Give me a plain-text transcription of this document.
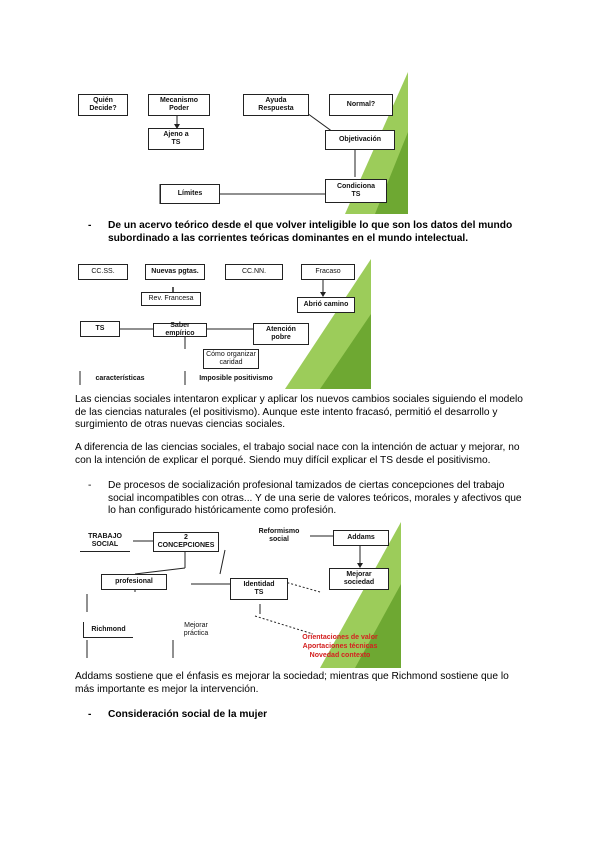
Quién
Decide?
Mecanismo
Poder
Ayuda
Respuesta
Normal?
Ajeno a
TS	Objetivación
Límites
Condiciona
TS
- De un acervo teórico desde el que volver inteligible lo que son los datos del mundo subordinado a las corrientes teóricas dominantes en el mundo intelectual.
CC.SS.	Nuevas pgtas.	CC.NN.	Fracaso
Rev. Francesa
Abrió camino
TS	Saber empírico
Atención
pobre
Cómo organizar
caridad
características	Imposible positivismo
Las ciencias sociales intentaron explicar y aplicar los nuevos cambios sociales siguiendo el modelo de las ciencias naturales (el positivismo). Aunque este intento fracasó, permitió el desarrollo y surgimiento de otras nuevas ciencias sociales.
A diferencia de las ciencias sociales, el trabajo social nace con la intención de actuar y mejorar, no con la intención de explicar el porqué. Siendo muy difícil explicar el TS desde el positivismo.
- De procesos de socialización profesional tamizados de ciertas concepciones del trabajo social incompatibles con otras... Y de una serie de valores teóricos, morales y afectivos que lo han configurado históricamente como profesión.
TRABAJO
SOCIAL
2
CONCEPCIONES
Reformismo
social	Addams
Mejorar
sociedad
profesional	Identidad
TS
Richmond	Mejorar
práctica
Orientaciones de valor
Aportaciones técnicas
Novedad contexto
Addams sostiene que el énfasis es mejorar la sociedad; mientras que Richmond sostiene que lo más importante es mejor la intervención.
- Consideración social de la mujer
